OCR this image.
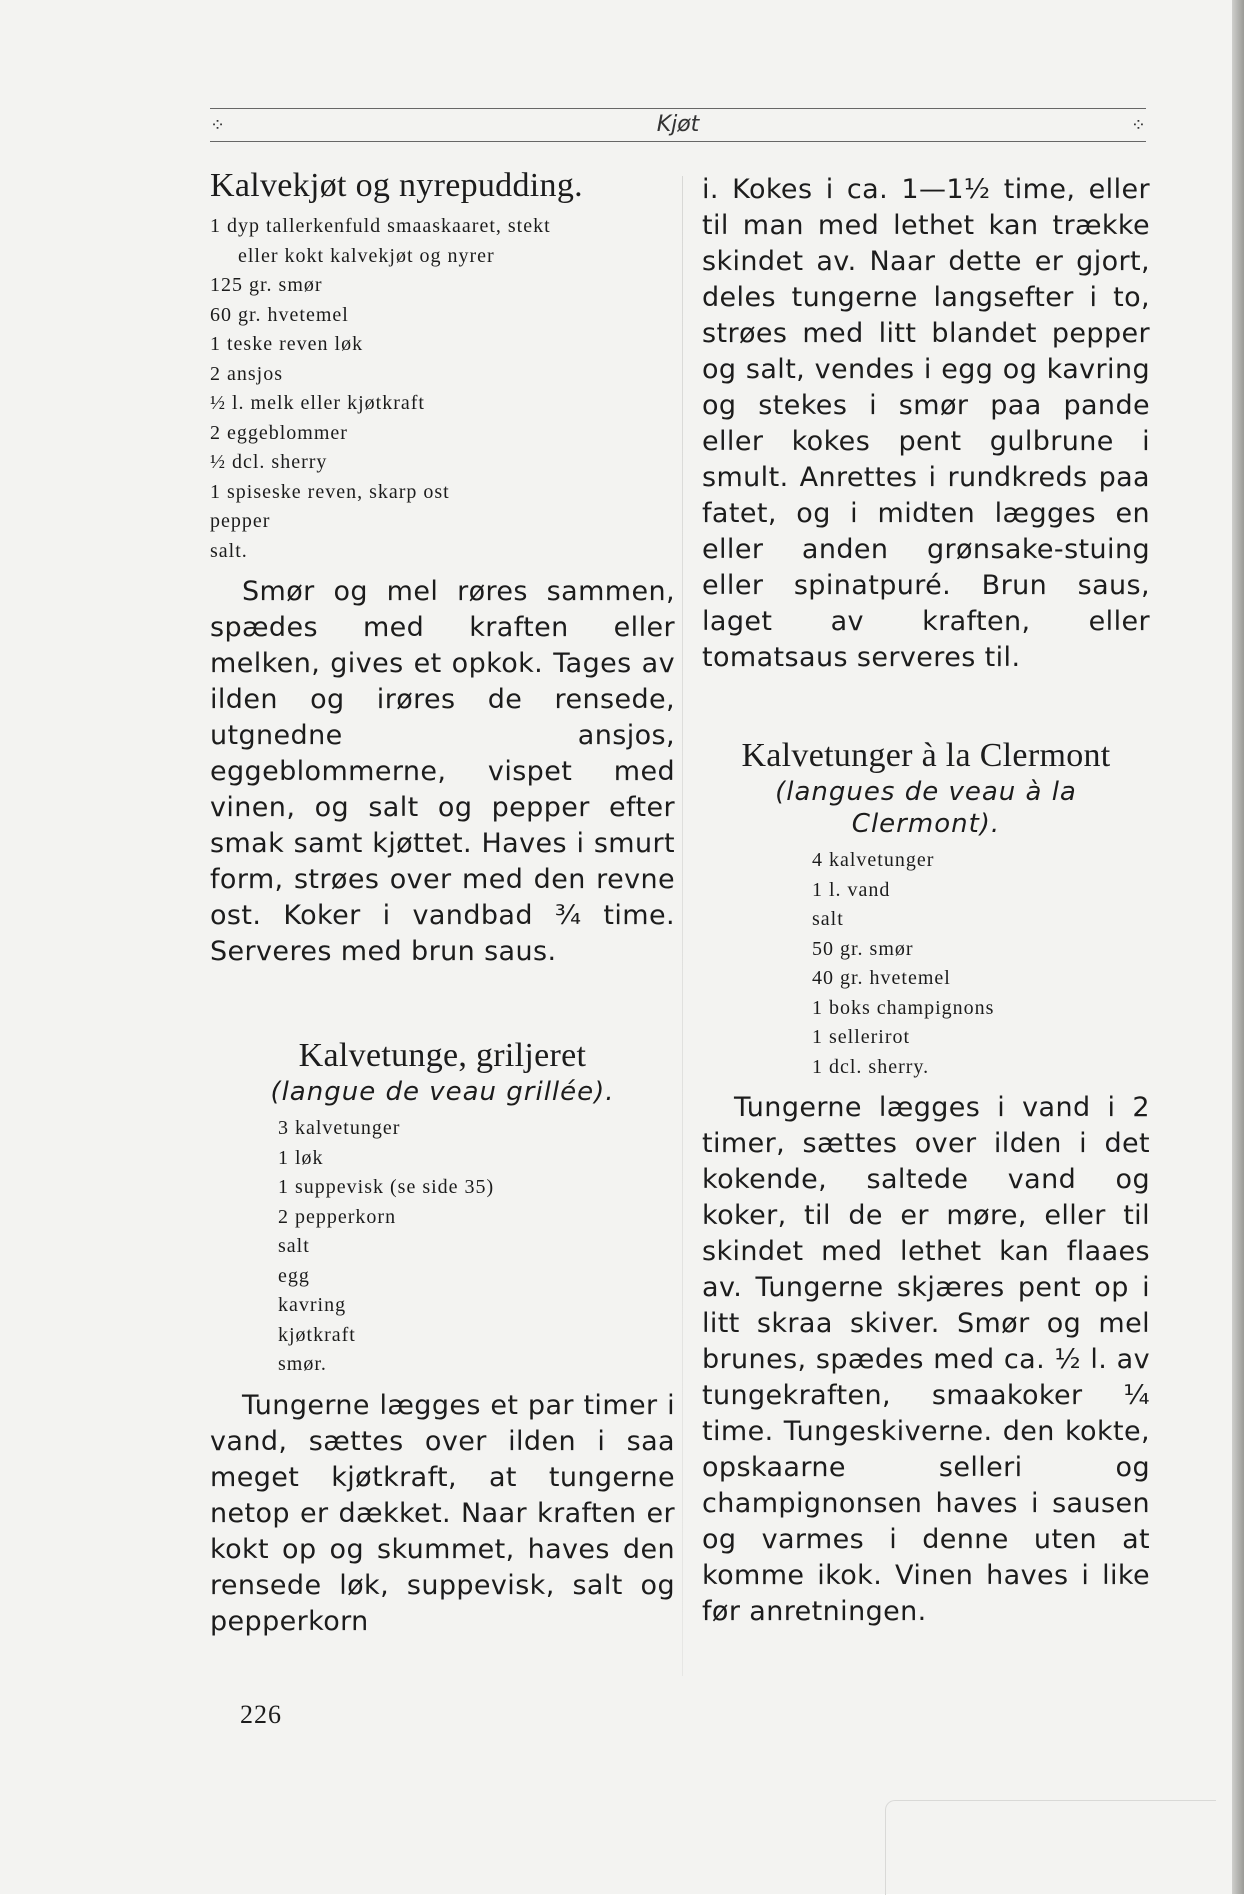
⁘	Kjøt	⁘
Kalvekjøt og nyrepudding.
1 dyp tallerkenfuld smaaskaaret, stekt
eller kokt kalvekjøt og nyrer
125 gr. smør
60 gr. hvetemel
1 teske reven løk
2 ansjos
½ l. melk eller kjøtkraft
2 eggeblommer
½ dcl. sherry
1 spiseske reven, skarp ost
pepper
salt.

Smør og mel røres sammen, spædes med kraften eller melken, gives et opkok. Tages av ilden og irøres de rensede, utgnedne ansjos, eggeblommerne, vispet med vinen, og salt og pepper efter smak samt kjøttet. Haves i smurt form, strøes over med den revne ost. Koker i vandbad ¾ time. Serveres med brun saus.

Kalvetunge, griljeret
(langue de veau grillée).
3 kalvetunger
1 løk
1 suppevisk (se side 35)
2 pepperkorn
salt
egg
kavring
kjøtkraft
smør.

Tungerne lægges et par timer i vand, sættes over ilden i saa meget kjøtkraft, at tungerne netop er dækket. Naar kraften er kokt op og skummet, haves den rensede løk, suppevisk, salt og pepperkorn

i. Kokes i ca. 1—1½ time, eller til man med lethet kan trække skindet av. Naar dette er gjort, deles tungerne langsefter i to, strøes med litt blandet pepper og salt, vendes i egg og kavring og stekes i smør paa pande eller kokes pent gulbrune i smult. Anrettes i rundkreds paa fatet, og i midten lægges en eller anden grønsake-stuing eller spinatpuré. Brun saus, laget av kraften, eller tomatsaus serveres til.

Kalvetunger à la Clermont
(langues de veau à la Clermont).
4 kalvetunger
1 l. vand
salt
50 gr. smør
40 gr. hvetemel
1 boks champignons
1 sellerirot
1 dcl. sherry.

Tungerne lægges i vand i 2 timer, sættes over ilden i det kokende, saltede vand og koker, til de er møre, eller til skindet med lethet kan flaaes av. Tungerne skjæres pent op i litt skraa skiver. Smør og mel brunes, spædes med ca. ½ l. av tungekraften, smaakoker ¼ time. Tungeskiverne. den kokte, opskaarne selleri og champignonsen haves i sausen og varmes i denne uten at komme ikok. Vinen haves i like før anretningen.

226
